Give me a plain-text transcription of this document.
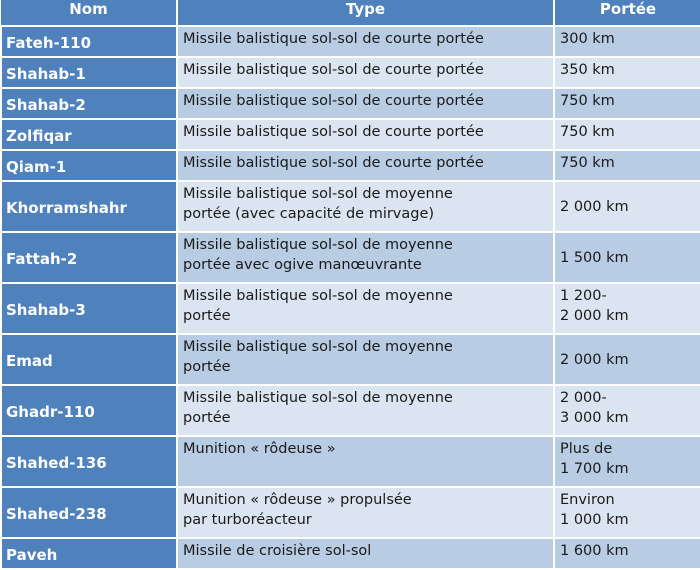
Nom	Type	Portée
Fateh-110	Missile balistique sol-sol de courte portée	300 km

Shahab-1	Missile balistique sol-sol de courte portée	350 km

Shahab-2	Missile balistique sol-sol de courte portée	750 km

Zolfiqar	Missile balistique sol-sol de courte portée	750 km

Qiam-1	Missile balistique sol-sol de courte portée	750 km

Khorramshahr	Missile balistique sol-sol de moyenne
portée (avec capacité de mirvage)	2 000 km

Fattah-2	Missile balistique sol-sol de moyenne
portée avec ogive manœuvrante	1 500 km

Shahab-3	Missile balistique sol-sol de moyenne
portée	1 200-
2 000 km

Emad	Missile balistique sol-sol de moyenne
portée	2 000 km

Ghadr-110	Missile balistique sol-sol de moyenne
portée	2 000-
3 000 km

Shahed-136	Munition « rôdeuse »	Plus de
1 700 km

Shahed-238	Munition « rôdeuse » propulsée
par turboréacteur	Environ
1 000 km

Paveh	Missile de croisière sol-sol	1 600 km
